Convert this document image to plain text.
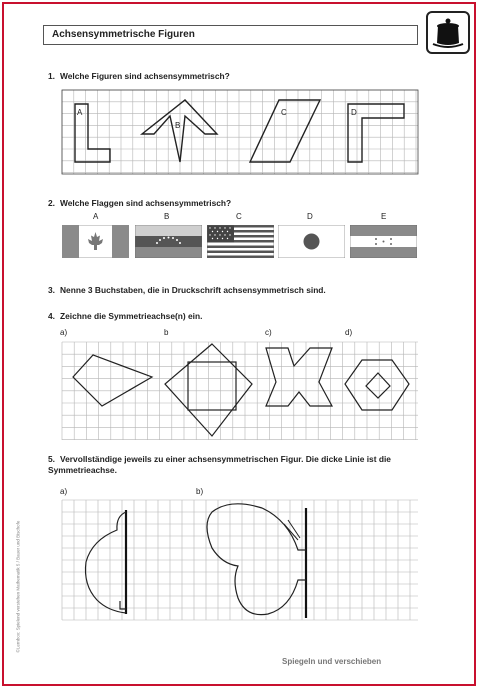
Achsensymmetrische Figuren
1. Welche Figuren sind achsensymmetrisch?
A
B
C	D
2. Welche Flaggen sind achsensymmetrisch?
A	B	C	D	E
3. Nenne 3 Buchstaben, die in Druckschrift achsensymmetrisch sind.
4. Zeichne die Symmetrieachse(n) ein.
a)	b	c)	d)
5. Vervollständige jeweils zu einer achsensymmetrischen Figur. Die dicke Linie ist die Symmetrieachse.
a)	b)
©Lernbox: Spielend verstehen Mathematik 5 / Bauer und Bischofe
Spiegeln und verschieben
